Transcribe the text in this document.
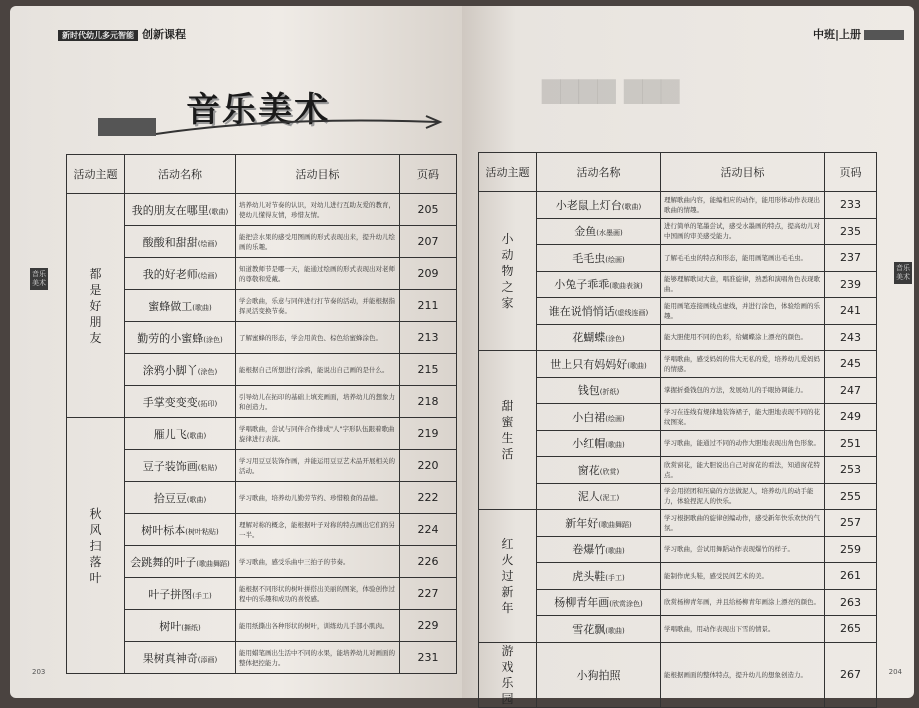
新时代幼儿多元智能 创新课程
音乐美术
音乐美术
活动主题	活动名称	活动目标	页码
都是好朋友	我的朋友在哪里(歌曲)	培养幼儿对节奏的认识，对幼儿进行互助友爱的教育，使幼儿懂得友情，珍惜友情。	205
	酸酸和甜甜(绘画)	能把尝水果的感受用图画的形式表现出来，提升幼儿绘画的乐趣。	207
	我的好老师(绘画)	知道教师节是哪一天，能通过绘画的形式表现出对老师的尊敬和爱戴。	209
	蜜蜂做工(歌曲)	学会歌曲，乐意与同伴进行打节奏的活动，并能根据指挥灵活变换节奏。	211
	勤劳的小蜜蜂(涂色)	了解蜜蜂的形态，学会用黄色、棕色给蜜蜂涂色。	213
	涂鸦小脚丫(涂色)	能根据自己所想进行涂鸦，能说出自己画的是什么。	215
	手掌变变变(拓印)	引导幼儿在拓印的基础上填充画面，培养幼儿的想象力和创造力。	218
秋风扫落叶	雁儿飞(歌曲)	学唱歌曲，尝试与同伴合作排成"人"字形队伍跟着歌曲旋律进行表演。	219
	豆子装饰画(粘贴)	学习用豆豆装饰作画，并能运用豆豆艺术品开展相关的活动。	220
	拾豆豆(歌曲)	学习歌曲，培养幼儿勤劳节约、珍惜粮食的品德。	222
	树叶标本(树叶粘贴)	理解对称的概念，能根据叶子对称的特点画出它们的另一半。	224
	会跳舞的叶子(歌曲舞蹈)	学习歌曲，感受乐曲中三拍子的节奏。	226
	叶子拼图(手工)	能根据不同形状的树叶拼搭出美丽的图案，体验创作过程中的乐趣和成功的喜悦感。	227
	树叶(撕纸)	能用纸撕出各种形状的树叶，训练幼儿手部小肌肉。	229
	果树真神奇(添画)	能用蜡笔画出生活中不同的水果，能培养幼儿对画面的整体把控能力。	231
203
▇▇▇▇ ▇▇▇
中班|上册
音乐美术
活动主题	活动名称	活动目标	页码
小动物之家	小老鼠上灯台(歌曲)	理解歌曲内容，能编相应的动作，能用形体动作表现出歌曲的情趣。	233
	金鱼(水墨画)	进行简单的笔墨尝试，感受水墨画的特点，提高幼儿对中国画的审美感受能力。	235
	毛毛虫(绘画)	了解毛毛虫的特点和形态，能用画笔画出毛毛虫。	237
	小兔子乖乖(歌曲表演)	能够理解歌词大意，唱准旋律，熟悉和演唱角色表现歌曲。	239
	谁在说悄悄话(虚线连画)	能用画笔连接画线点虚线，并进行涂色，体验绘画的乐趣。	241
	花蝴蝶(涂色)	能大胆使用不同的色彩，给蝴蝶涂上漂亮的颜色。	243
甜蜜生活	世上只有妈妈好(歌曲)	学唱歌曲，感受妈妈的伟大无私的爱，培养幼儿爱妈妈的情感。	245
	钱包(折纸)	掌握折叠钱包的方法，发展幼儿的手眼协调能力。	247
	小白裙(绘画)	学习在连线有规律地装饰裙子，能大胆地表现不同的花纹图案。	249
	小红帽(歌曲)	学习歌曲，能通过不同的动作大胆地表现出角色形象。	251
	窗花(欣赏)	欣赏窗花，能大胆说出自己对窗花的看法，知道窗花特点。	253
	泥人(泥工)	学会用搓团和压扁的方法做泥人，培养幼儿的动手能力，体验捏泥人的快乐。	255
红火过新年	新年好(歌曲舞蹈)	学习根据歌曲的旋律创编动作，感受新年快乐欢快的气氛。	257
	卷爆竹(歌曲)	学习歌曲，尝试用舞蹈动作表现爆竹的样子。	259
	虎头鞋(手工)	能制作虎头鞋，感受民间艺术的美。	261
	杨柳青年画(欣赏涂色)	欣赏杨柳青年画，并且给杨柳青年画涂上漂亮的颜色。	263
	雪花飘(歌曲)	学唱歌曲，用动作表现出下雪的情景。	265
游戏乐园	小狗拍照	能根据画面的整体特点，提升幼儿的想象创造力。	267	204
